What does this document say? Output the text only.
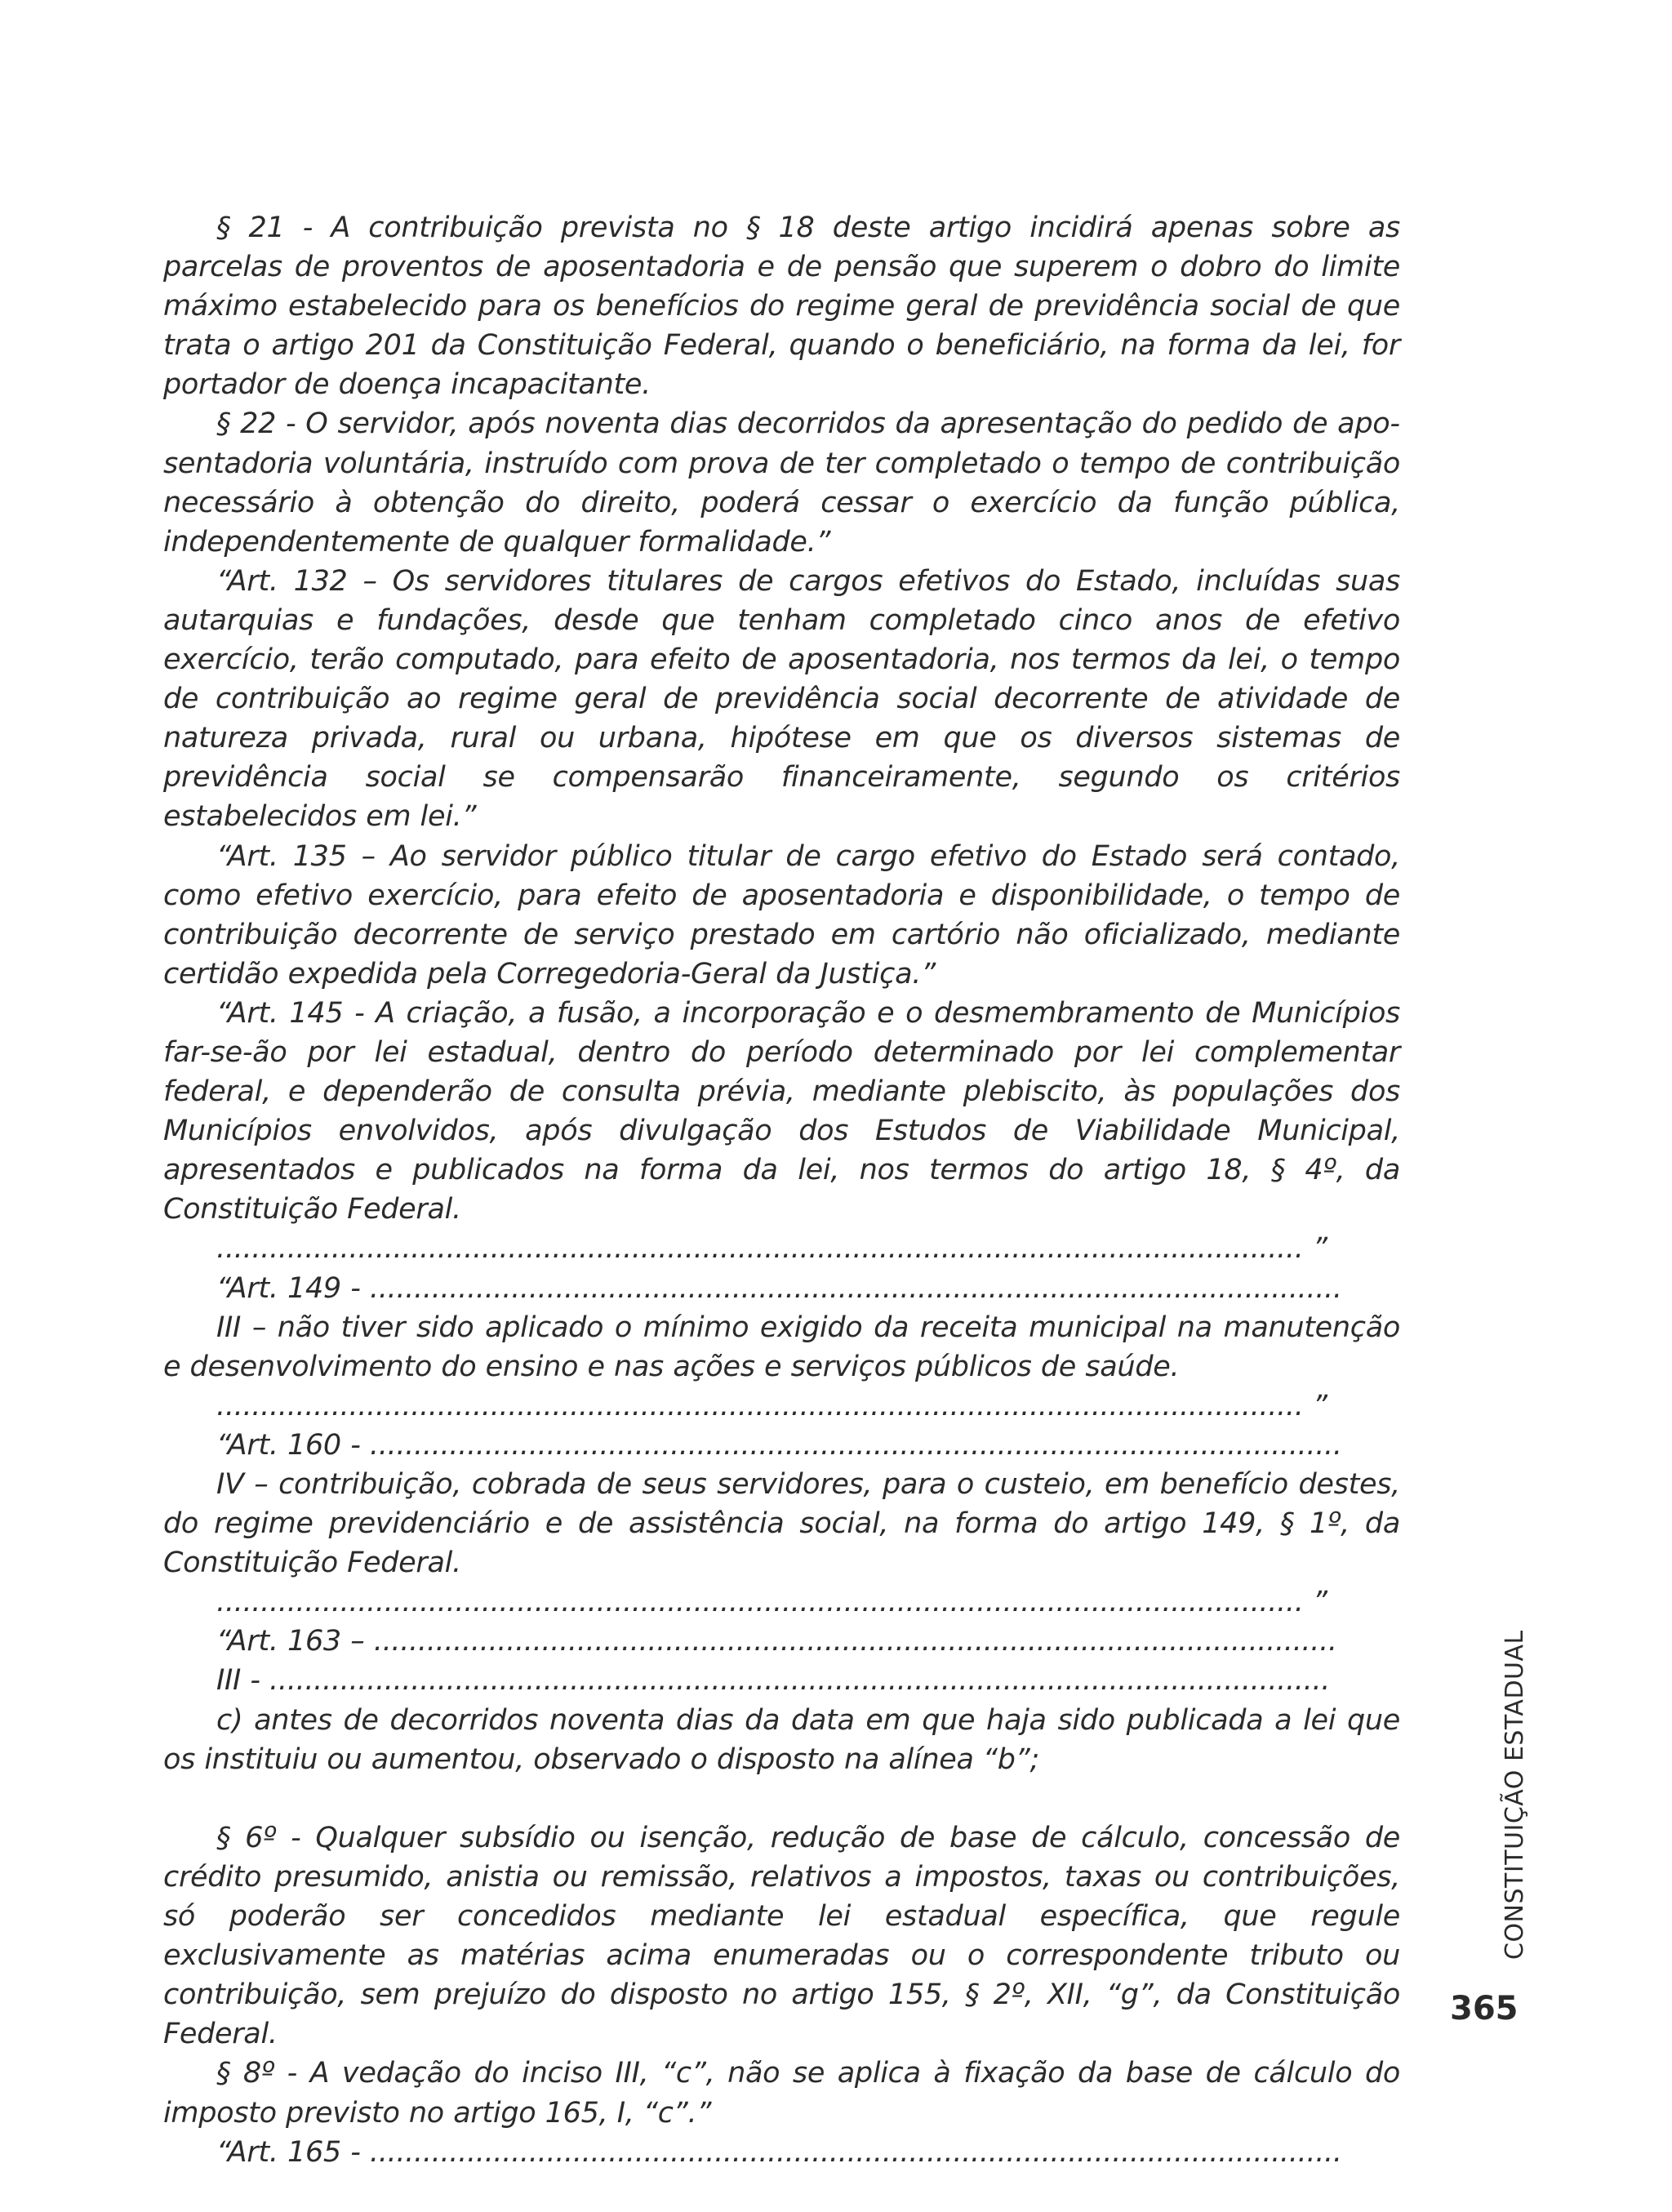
§ 21 - A contribuição prevista no § 18 deste artigo incidirá apenas sobre as parcelas de proventos de aposentadoria e de pensão que superem o dobro do limite máximo estabelecido para os benefícios do regime geral de previdência social de que trata o artigo 201 da Constituição Federal, quando o beneficiário, na forma da lei, for portador de doença incapacitante.

§ 22 - O servidor, após noventa dias decorridos da apresentação do pedido de aposentadoria voluntária, instruído com prova de ter completado o tempo de contribuição necessário à obtenção do direito, poderá cessar o exercício da função pública, independentemente de qualquer formalidade.”

“Art. 132 – Os servidores titulares de cargos efetivos do Estado, incluídas suas autarquias e fundações, desde que tenham completado cinco anos de efetivo exercício, terão computado, para efeito de aposentadoria, nos termos da lei, o tempo de contribuição ao regime geral de previdência social decorrente de atividade de natureza privada, rural ou urbana, hipótese em que os diversos sistemas de previdência social se compensarão financeiramente, segundo os critérios estabelecidos em lei.”

“Art. 135 – Ao servidor público titular de cargo efetivo do Estado será contado, como efetivo exercício, para efeito de aposentadoria e disponibilidade, o tempo de contribuição decorrente de serviço prestado em cartório não oficializado, mediante certidão expedida pela Corregedoria-Geral da Justiça.”

“Art. 145 - A criação, a fusão, a incorporação e o desmembramento de Municípios far-se-ão por lei estadual, dentro do período determinado por lei complementar federal, e dependerão de consulta prévia, mediante plebiscito, às populações dos Municípios envolvidos, após divulgação dos Estudos de Viabilidade Municipal, apresentados e publicados na forma da lei, nos termos do artigo 18, § 4º, da Constituição Federal.

........................................................................................................................... ”

“Art. 149 - ..............................................................................................................

III – não tiver sido aplicado o mínimo exigido da receita municipal na manutenção e desenvolvimento do ensino e nas ações e serviços públicos de saúde.

........................................................................................................................... ”

“Art. 160 - ..............................................................................................................

IV – contribuição, cobrada de seus servidores, para o custeio, em benefício destes, do regime previdenciário e de assistência social, na forma do artigo 149, § 1º, da Constituição Federal.

........................................................................................................................... ”

“Art. 163 – .............................................................................................................

III - ........................................................................................................................

c) antes de decorridos noventa dias da data em que haja sido publicada a lei que os instituiu ou aumentou, observado o disposto na alínea “b”;

§ 6º - Qualquer subsídio ou isenção, redução de base de cálculo, concessão de crédito presumido, anistia ou remissão, relativos a impostos, taxas ou contribuições, só poderão ser concedidos mediante lei estadual específica, que regule exclusivamente as matérias acima enumeradas ou o correspondente tributo ou contribuição, sem prejuízo do disposto no artigo 155, § 2º, XII, “g”, da Constituição Federal.

§ 8º - A vedação do inciso III, “c”, não se aplica à fixação da base de cálculo do imposto previsto no artigo 165, I, “c”.”

“Art. 165 - ..............................................................................................................

CONSTITUIÇÃO ESTADUAL
365
